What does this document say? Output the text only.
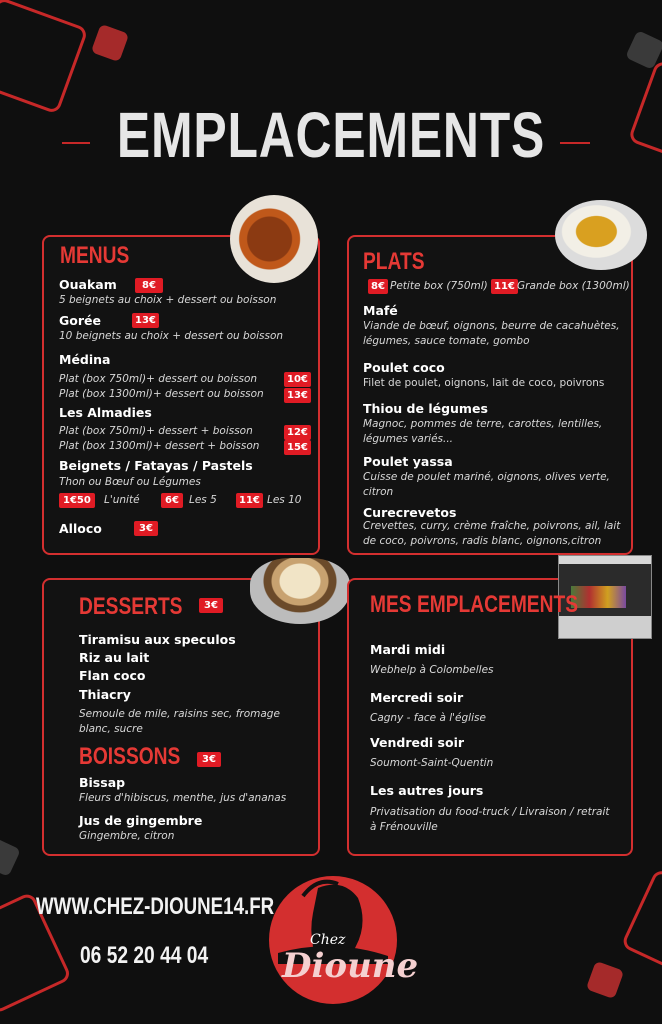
EMPLACEMENTS
MENUS
Ouakam	8€
5 beignets au choix + dessert ou boisson
Gorée	13€
10 beignets au choix + dessert ou boisson
Médina
Plat (box 750ml)+ dessert ou boisson	10€
Plat (box 1300ml)+ dessert ou boisson	13€
Les Almadies
Plat (box 750ml)+ dessert + boisson	12€
Plat (box 1300ml)+ dessert + boisson	15€
Beignets / Fatayas / Pastels
Thon ou Bœuf ou Légumes
1€50	L'unité	6€ Les 5	11€ Les 10
Alloco	3€
PLATS
8€ Petite box (750ml) 11€ Grande box (1300ml)
Mafé
Viande de bœuf, oignons, beurre de cacahuètes, légumes, sauce tomate, gombo
Poulet coco
Filet de poulet, oignons, lait de coco, poivrons
Thiou de légumes
Magnoc, pommes de terre, carottes, lentilles, légumes variés...
Poulet yassa
Cuisse de poulet mariné, oignons, olives verte, citron
Curecrevetos
Crevettes, curry, crème fraîche, poivrons, ail, lait de coco, poivrons, radis blanc, oignons,citron
DESSERTS	3€
Tiramisu aux speculos
Riz au lait
Flan coco
Thiacry
Semoule de mile, raisins sec, fromage blanc, sucre
BOISSONS	3€
Bissap
Fleurs d'hibiscus, menthe, jus d'ananas
Jus de gingembre
Gingembre, citron
MES EMPLACEMENTS
Mardi midi
Webhelp à Colombelles
Mercredi soir
Cagny - face à l'église
Vendredi soir
Soumont-Saint-Quentin
Les autres jours
Privatisation du food-truck / Livraison / retrait à Frénouville
WWW.CHEZ-DIOUNE14.FR
06 52 20 44 04
Chez
Dioune
